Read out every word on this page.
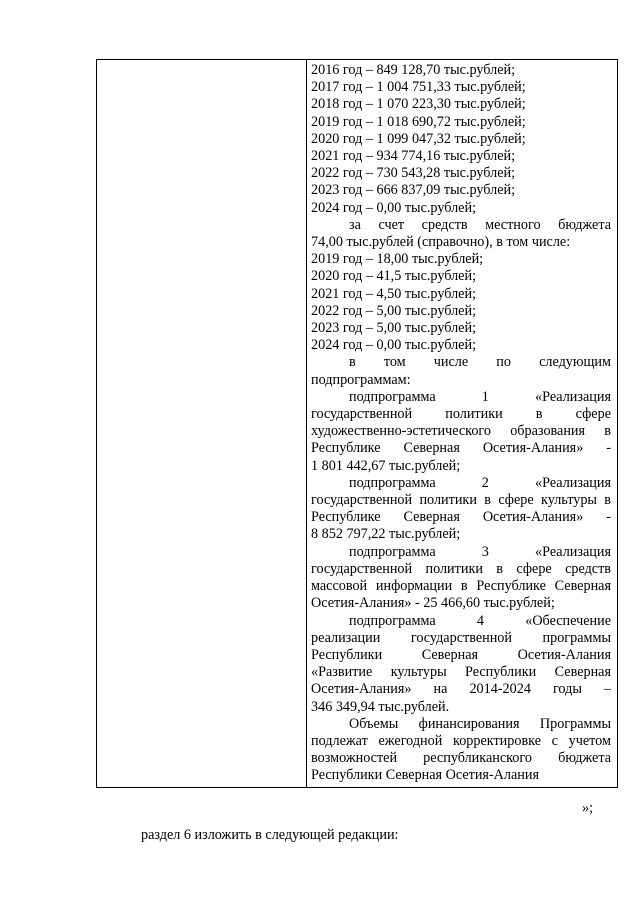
2016 год – 849 128,70 тыс.рублей;
2017 год – 1 004 751,33 тыс.рублей;
2018 год – 1 070 223,30 тыс.рублей;
2019 год – 1 018 690,72 тыс.рублей;
2020 год – 1 099 047,32 тыс.рублей;
2021 год – 934 774,16 тыс.рублей;
2022 год – 730 543,28 тыс.рублей;
2023 год – 666 837,09 тыс.рублей;
2024 год – 0,00 тыс.рублей;
за счет средств местного бюджета
74,00 тыс.рублей (справочно), в том числе:
2019 год – 18,00 тыс.рублей;
2020 год – 41,5 тыс.рублей;
2021 год – 4,50 тыс.рублей;
2022 год – 5,00 тыс.рублей;
2023 год – 5,00 тыс.рублей;
2024 год – 0,00 тыс.рублей;
в том числе по следующим
подпрограммам:
подпрограмма 1 «Реализация
государственной политики в сфере
художественно-эстетического образования в
Республике Северная Осетия-Алания» -
1 801 442,67 тыс.рублей;
подпрограмма 2 «Реализация
государственной политики в сфере культуры в
Республике Северная Осетия-Алания» -
8 852 797,22 тыс.рублей;
подпрограмма 3 «Реализация
государственной политики в сфере средств
массовой информации в Республике Северная
Осетия-Алания» - 25 466,60 тыс.рублей;
подпрограмма 4 «Обеспечение
реализации государственной программы
Республики Северная Осетия-Алания
«Развитие культуры Республики Северная
Осетия-Алания» на 2014-2024 годы –
346 349,94 тыс.рублей.
Объемы финансирования Программы
подлежат ежегодной корректировке с учетом
возможностей республиканского бюджета
Республики Северная Осетия-Алания
»;
раздел 6 изложить в следующей редакции:
